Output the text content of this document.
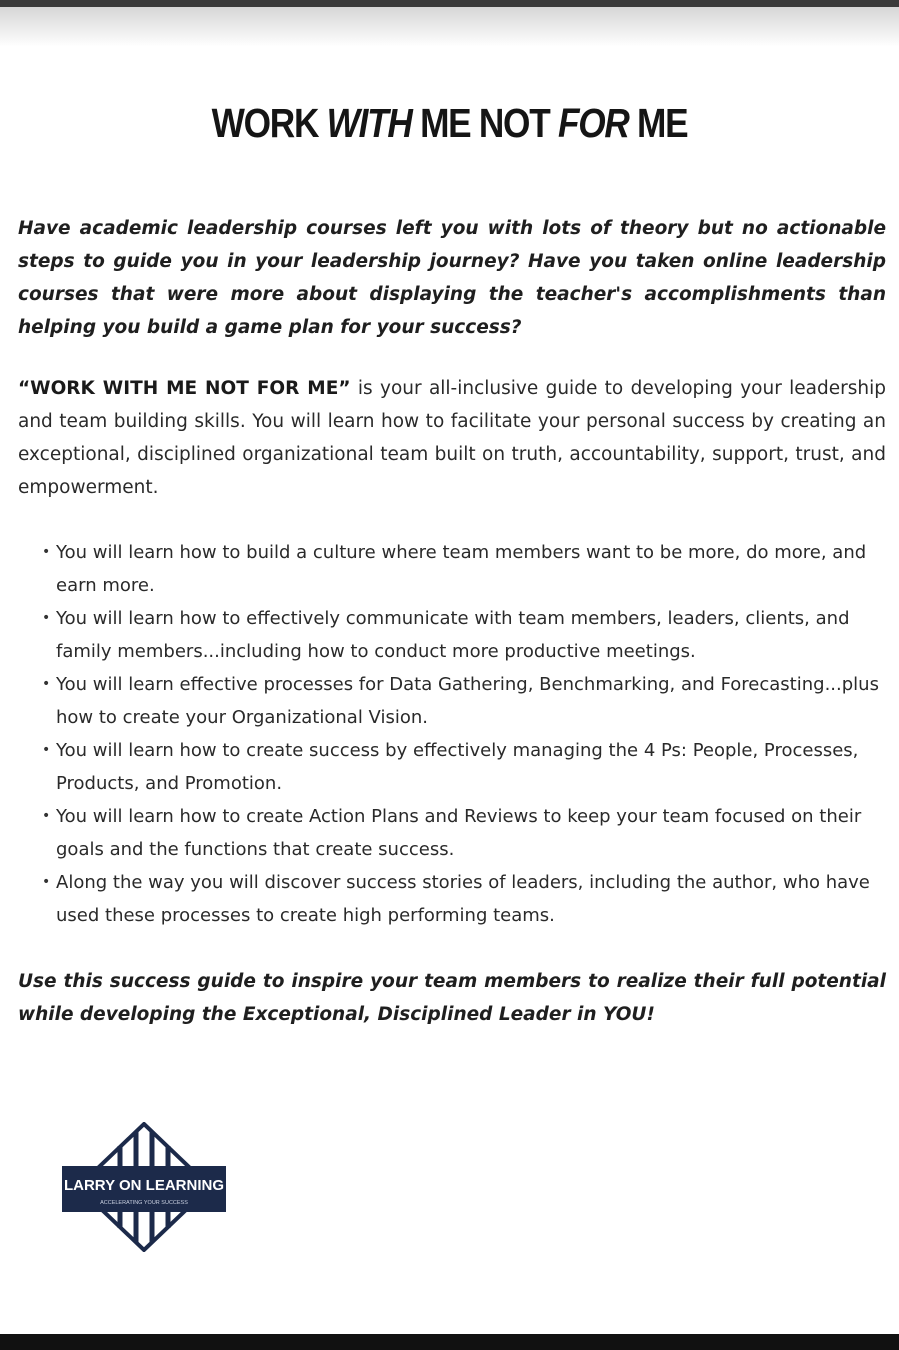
WORK WITH ME NOT FOR ME

Have academic leadership courses left you with lots of theory but no actionable steps to guide you in your leadership journey? Have you taken online leadership courses that were more about displaying the teacher's accomplishments than helping you build a game plan for your success?

“WORK WITH ME NOT FOR ME” is your all-inclusive guide to developing your leadership and team building skills. You will learn how to facilitate your personal success by creating an exceptional, disciplined organizational team built on truth, accountability, support, trust, and empowerment.

• You will learn how to build a culture where team members want to be more, do more, and earn more.
• You will learn how to effectively communicate with team members, leaders, clients, and family members...including how to conduct more productive meetings.
• You will learn effective processes for Data Gathering, Benchmarking, and Forecasting...plus how to create your Organizational Vision.
• You will learn how to create success by effectively managing the 4 Ps: People, Processes, Products, and Promotion.
• You will learn how to create Action Plans and Reviews to keep your team focused on their goals and the functions that create success.
• Along the way you will discover success stories of leaders, including the author, who have used these processes to create high performing teams.

Use this success guide to inspire your team members to realize their full potential while developing the Exceptional, Disciplined Leader in YOU!

LARRY ON LEARNING
ACCELERATING YOUR SUCCESS
